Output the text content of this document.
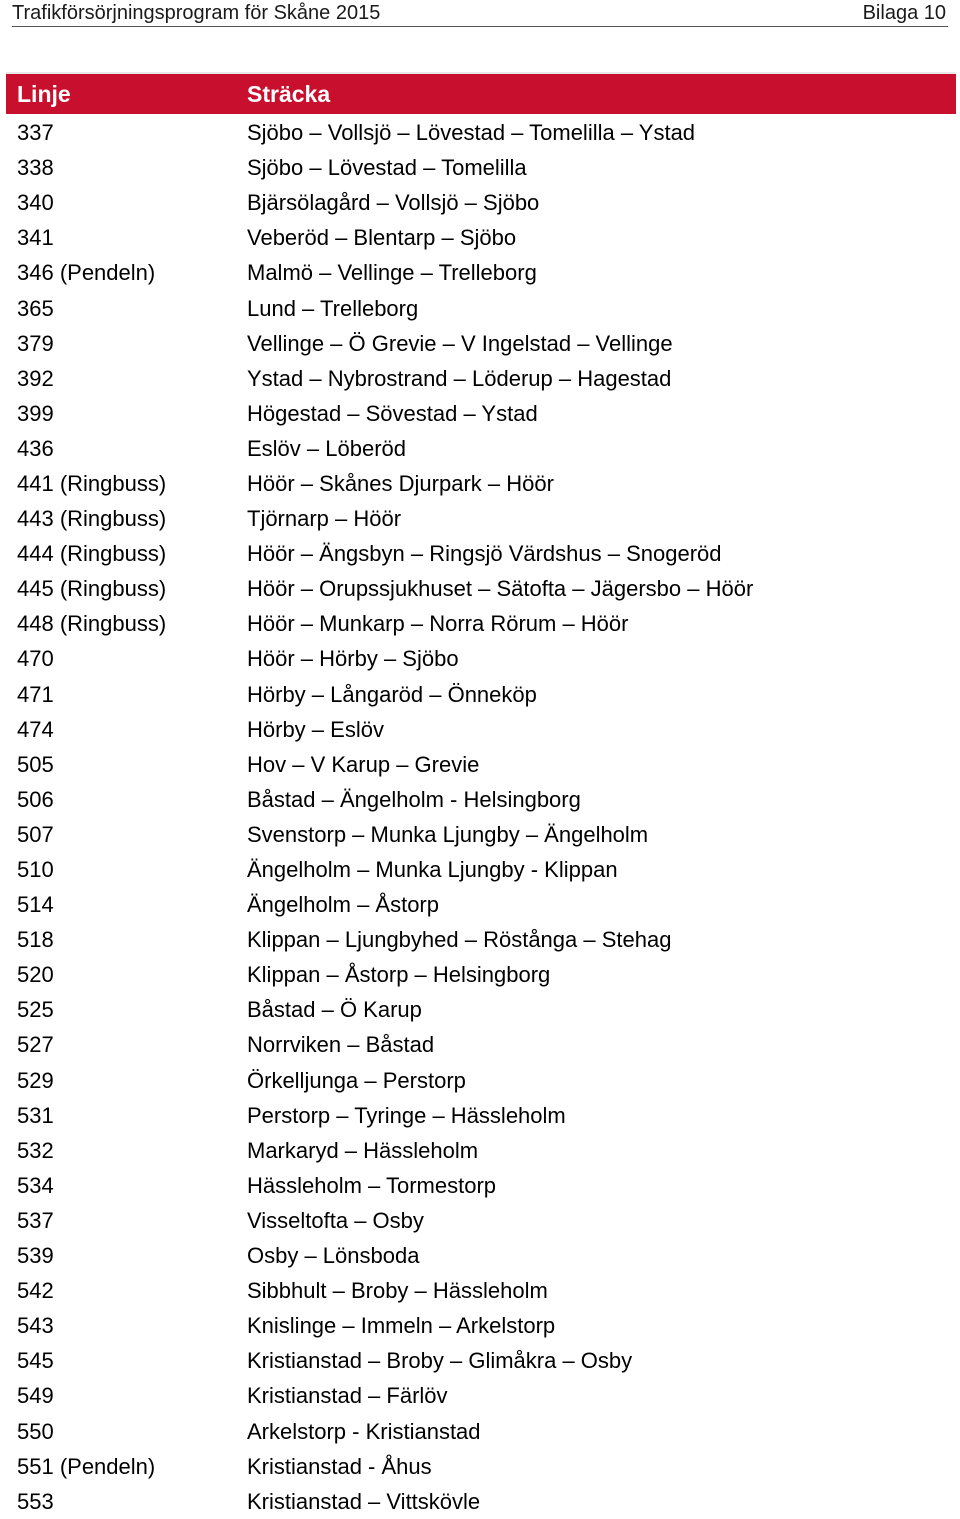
Trafikförsörjningsprogram för Skåne 2015	Bilaga 10
Linje	Sträcka
337	Sjöbo – Vollsjö – Lövestad – Tomelilla – Ystad
338	Sjöbo – Lövestad – Tomelilla
340	Bjärsölagård – Vollsjö – Sjöbo
341	Veberöd – Blentarp – Sjöbo
346 (Pendeln)	Malmö – Vellinge – Trelleborg
365	Lund – Trelleborg
379	Vellinge – Ö Grevie – V Ingelstad – Vellinge
392	Ystad – Nybrostrand – Löderup – Hagestad
399	Högestad – Sövestad – Ystad
436	Eslöv – Löberöd
441 (Ringbuss)	Höör – Skånes Djurpark – Höör
443 (Ringbuss)	Tjörnarp – Höör
444 (Ringbuss)	Höör – Ängsbyn – Ringsjö Värdshus – Snogeröd
445 (Ringbuss)	Höör – Orupssjukhuset – Sätofta – Jägersbo – Höör
448 (Ringbuss)	Höör – Munkarp – Norra Rörum – Höör
470	Höör – Hörby – Sjöbo
471	Hörby – Långaröd – Önneköp
474	Hörby – Eslöv
505	Hov – V Karup – Grevie
506	Båstad – Ängelholm - Helsingborg
507	Svenstorp – Munka Ljungby – Ängelholm
510	Ängelholm – Munka Ljungby - Klippan
514	Ängelholm – Åstorp
518	Klippan – Ljungbyhed – Röstånga – Stehag
520	Klippan – Åstorp – Helsingborg
525	Båstad – Ö Karup
527	Norrviken – Båstad
529	Örkelljunga – Perstorp
531	Perstorp – Tyringe – Hässleholm
532	Markaryd – Hässleholm
534	Hässleholm – Tormestorp
537	Visseltofta – Osby
539	Osby – Lönsboda
542	Sibbhult – Broby – Hässleholm
543	Knislinge – Immeln – Arkelstorp
545	Kristianstad – Broby – Glimåkra – Osby
549	Kristianstad – Färlöv
550	Arkelstorp - Kristianstad
551 (Pendeln)	Kristianstad - Åhus
553	Kristianstad – Vittskövle
